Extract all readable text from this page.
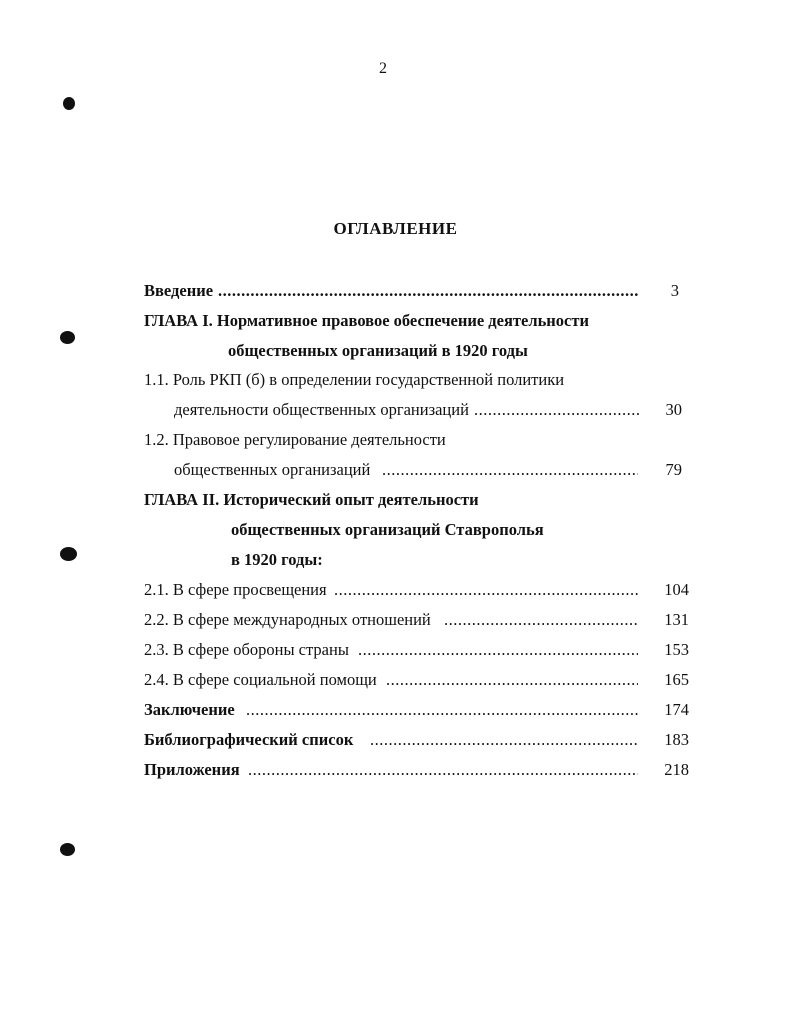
2
ОГЛАВЛЕНИЕ
.....
Введение	3
ГЛАВА I. Нормативное правовое обеспечение деятельности
общественных организаций в 1920 годы
1.1. Роль РКП (б) в определении государственной политики
.....
деятельности общественных организаций	30
1.2. Правовое регулирование деятельности
.....
общественных организаций	79
ГЛАВА II. Исторический опыт деятельности
общественных организаций Ставрополья
в 1920 годы:
.....
2.1. В сфере просвещения	104
.....
2.2. В сфере международных отношений	131
.....
2.3. В сфере обороны страны	153
.....
2.4. В сфере социальной помощи	165
.....
Заключение	174
.....
Библиографический список	183
.....
Приложения	218
